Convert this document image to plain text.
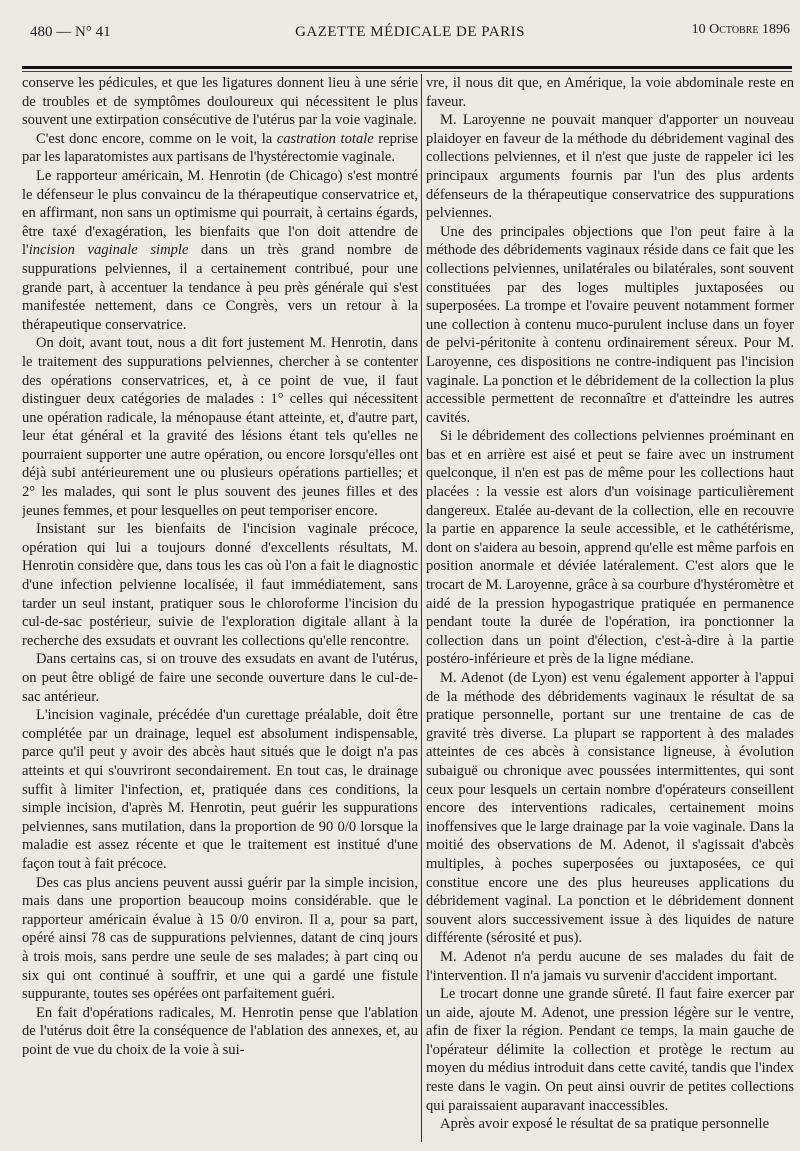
480 — N° 41	GAZETTE MÉDICALE DE PARIS	10 Octobre 1896

conserve les pédicules, et que les ligatures donnent lieu à une série de troubles et de symptômes douloureux qui nécessitent le plus souvent une extirpation consécutive de l'utérus par la voie vaginale.

C'est donc encore, comme on le voit, la castration totale reprise par les laparatomistes aux partisans de l'hystérectomie vaginale.

Le rapporteur américain, M. Henrotin (de Chicago) s'est montré le défenseur le plus convaincu de la thérapeutique conservatrice et, en affirmant, non sans un optimisme qui pourrait, à certains égards, être taxé d'exagération, les bienfaits que l'on doit attendre de l'incision vaginale simple dans un très grand nombre de suppurations pelviennes, il a certainement contribué, pour une grande part, à accentuer la tendance à peu près générale qui s'est manifestée nettement, dans ce Congrès, vers un retour à la thérapeutique conservatrice.

On doit, avant tout, nous a dit fort justement M. Henrotin, dans le traitement des suppurations pelviennes, chercher à se contenter des opérations conservatrices, et, à ce point de vue, il faut distinguer deux catégories de malades : 1° celles qui nécessitent une opération radicale, la ménopause étant atteinte, et, d'autre part, leur état général et la gravité des lésions étant tels qu'elles ne pourraient supporter une autre opération, ou encore lorsqu'elles ont déjà subi antérieurement une ou plusieurs opérations partielles; et 2° les malades, qui sont le plus souvent des jeunes filles et des jeunes femmes, et pour lesquelles on peut temporiser encore.

Insistant sur les bienfaits de l'incision vaginale précoce, opération qui lui a toujours donné d'excellents résultats, M. Henrotin considère que, dans tous les cas où l'on a fait le diagnostic d'une infection pelvienne localisée, il faut immédiatement, sans tarder un seul instant, pratiquer sous le chloroforme l'incision du cul-de-sac postérieur, suivie de l'exploration digitale allant à la recherche des exsudats et ouvrant les collections qu'elle rencontre.

Dans certains cas, si on trouve des exsudats en avant de l'utérus, on peut être obligé de faire une seconde ouverture dans le cul-de-sac antérieur.

L'incision vaginale, précédée d'un curettage préalable, doit être complétée par un drainage, lequel est absolument indispensable, parce qu'il peut y avoir des abcès haut situés que le doigt n'a pas atteints et qui s'ouvriront secondairement. En tout cas, le drainage suffit à limiter l'infection, et, pratiquée dans ces conditions, la simple incision, d'après M. Henrotin, peut guérir les suppurations pelviennes, sans mutilation, dans la proportion de 90 0/0 lorsque la maladie est assez récente et que le traitement est institué d'une façon tout à fait précoce.

Des cas plus anciens peuvent aussi guérir par la simple incision, mais dans une proportion beaucoup moins considérable. que le rapporteur américain évalue à 15 0/0 environ. Il a, pour sa part, opéré ainsi 78 cas de suppurations pelviennes, datant de cinq jours à trois mois, sans perdre une seule de ses malades; à part cinq ou six qui ont continué à souffrir, et une qui a gardé une fistule suppurante, toutes ses opérées ont parfaitement guéri.

En fait d'opérations radicales, M. Henrotin pense que l'ablation de l'utérus doit être la conséquence de l'ablation des annexes, et, au point de vue du choix de la voie à sui-

vre, il nous dit que, en Amérique, la voie abdominale reste en faveur.

M. Laroyenne ne pouvait manquer d'apporter un nouveau plaidoyer en faveur de la méthode du débridement vaginal des collections pelviennes, et il n'est que juste de rappeler ici les principaux arguments fournis par l'un des plus ardents défenseurs de la thérapeutique conservatrice des suppurations pelviennes.

Une des principales objections que l'on peut faire à la méthode des débridements vaginaux réside dans ce fait que les collections pelviennes, unilatérales ou bilatérales, sont souvent constituées par des loges multiples juxtaposées ou superposées. La trompe et l'ovaire peuvent notamment former une collection à contenu muco-purulent incluse dans un foyer de pelvi-péritonite à contenu ordinairement séreux. Pour M. Laroyenne, ces dispositions ne contre-indiquent pas l'incision vaginale. La ponction et le débridement de la collection la plus accessible permettent de reconnaître et d'atteindre les autres cavités.

Si le débridement des collections pelviennes proéminant en bas et en arrière est aisé et peut se faire avec un instrument quelconque, il n'en est pas de même pour les collections haut placées : la vessie est alors d'un voisinage particulièrement dangereux. Etalée au-devant de la collection, elle en recouvre la partie en apparence la seule accessible, et le cathétérisme, dont on s'aidera au besoin, apprend qu'elle est même parfois en position anormale et déviée latéralement. C'est alors que le trocart de M. Laroyenne, grâce à sa courbure d'hystéromètre et aidé de la pression hypogastrique pratiquée en permanence pendant toute la durée de l'opération, ira ponctionner la collection dans un point d'élection, c'est-à-dire à la partie postéro-inférieure et près de la ligne médiane.

M. Adenot (de Lyon) est venu également apporter à l'appui de la méthode des débridements vaginaux le résultat de sa pratique personnelle, portant sur une trentaine de cas de gravité très diverse. La plupart se rapportent à des malades atteintes de ces abcès à consistance ligneuse, à évolution subaiguë ou chronique avec poussées intermittentes, qui sont ceux pour lesquels un certain nombre d'opérateurs conseillent encore des interventions radicales, certainement moins inoffensives que le large drainage par la voie vaginale. Dans la moitié des observations de M. Adenot, il s'agissait d'abcès multiples, à poches superposées ou juxtaposées, ce qui constitue encore une des plus heureuses applications du débridement vaginal. La ponction et le débridement donnent souvent alors successivement issue à des liquides de nature différente (sérosité et pus).

M. Adenot n'a perdu aucune de ses malades du fait de l'intervention. Il n'a jamais vu survenir d'accident important.

Le trocart donne une grande sûreté. Il faut faire exercer par un aide, ajoute M. Adenot, une pression légère sur le ventre, afin de fixer la région. Pendant ce temps, la main gauche de l'opérateur délimite la collection et protège le rectum au moyen du médius introduit dans cette cavité, tandis que l'index reste dans le vagin. On peut ainsi ouvrir de petites collections qui paraissaient auparavant inaccessibles.

Après avoir exposé le résultat de sa pratique personnelle
